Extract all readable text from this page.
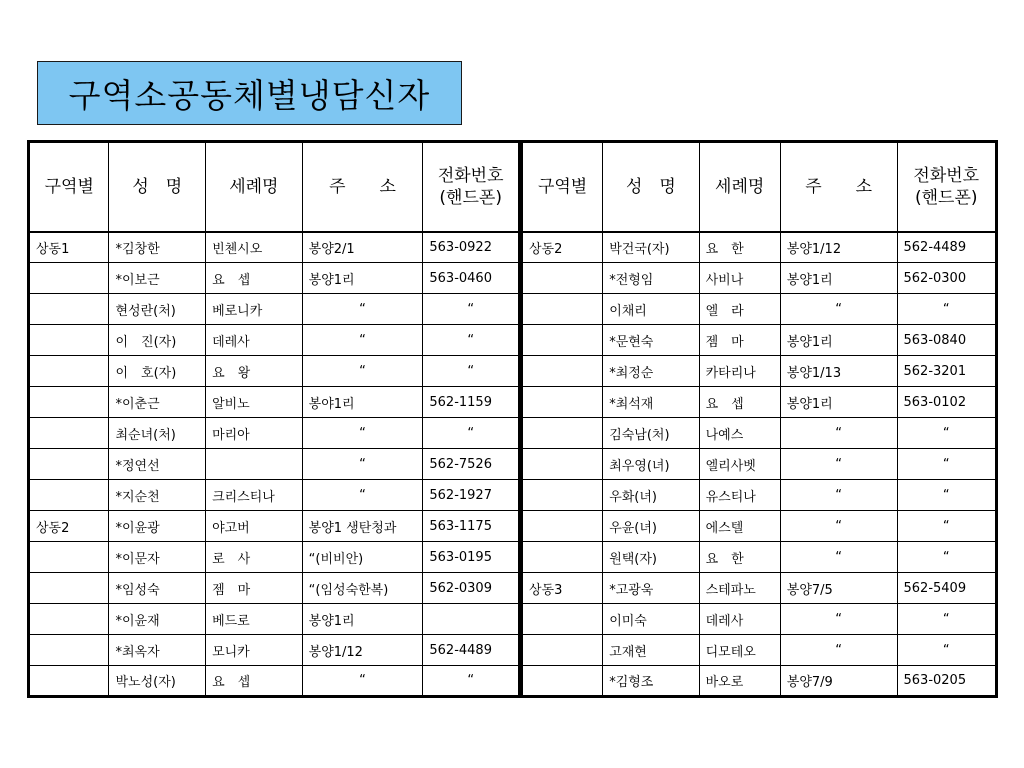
구역소공동체별냉담신자
구역별	성　명	세례명	주　　소	전화번호
(핸드폰)
상동1	*김창한	빈첸시오	봉양2/1	563-0922
	*이보근	요　셉	봉양1리	563-0460
	현성란(처)	베로니카	“	“
	이　진(자)	데레사	“	“
	이　호(자)	요　왕	“	“
	*이춘근	알비노	봉야1리	562-1159
	최순녀(처)	마리아	“	“
	*정연선		“	562-7526
	*지순천	크리스티나	“	562-1927
상동2	*이윤광	야고버	봉양1 생탄청과	563-1175
	*이문자	로　사	“(비비안)	563-0195
	*임성숙	젬　마	“(임성숙한복)	562-0309
	*이윤재	베드로	봉양1리	
	*최옥자	모니카	봉양1/12	562-4489
	박노성(자)	요　셉	“	“
구역별	성　명	세례명	주　　소	전화번호
(핸드폰)
상동2	박건국(자)	요　한	봉양1/12	562-4489
	*전형임	사비나	봉양1리	562-0300
	이채리	엘　라	“	“
	*문현숙	젬　마	봉양1리	563-0840
	*최정순	카타리나	봉양1/13	562-3201
	*최석재	요　셉	봉양1리	563-0102
	김숙남(처)	나예스	“	“
	최우영(녀)	엘리사벳	“	“
	우화(녀)	유스티나	“	“
	우윤(녀)	에스텔	“	“
	원택(자)	요　한	“	“
상동3	*고광욱	스테파노	봉양7/5	562-5409
	이미숙	데레사	“	“
	고재현	디모테오	“	“
	*김형조	바오로	봉양7/9	563-0205
